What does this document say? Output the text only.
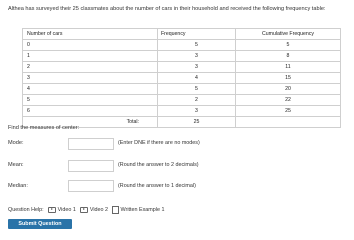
Althea has surveyed their 25 classmates about the number of cars in their household and received the following frequency table:
Number of cars	Frequency	Cumulative Frequency
0	5	5
1	3	8
2	3	11
3	4	15
4	5	20
5	2	22
6	3	25
Total:	25	
Find the measures of center:
Mode:	(Enter DNE if there are no modes)
Mean:	(Round the answer to 2 decimals)
Median:	(Round the answer to 1 decimal)
Question Help:	Video 1	Video 2 Written Example 1
Submit Question
